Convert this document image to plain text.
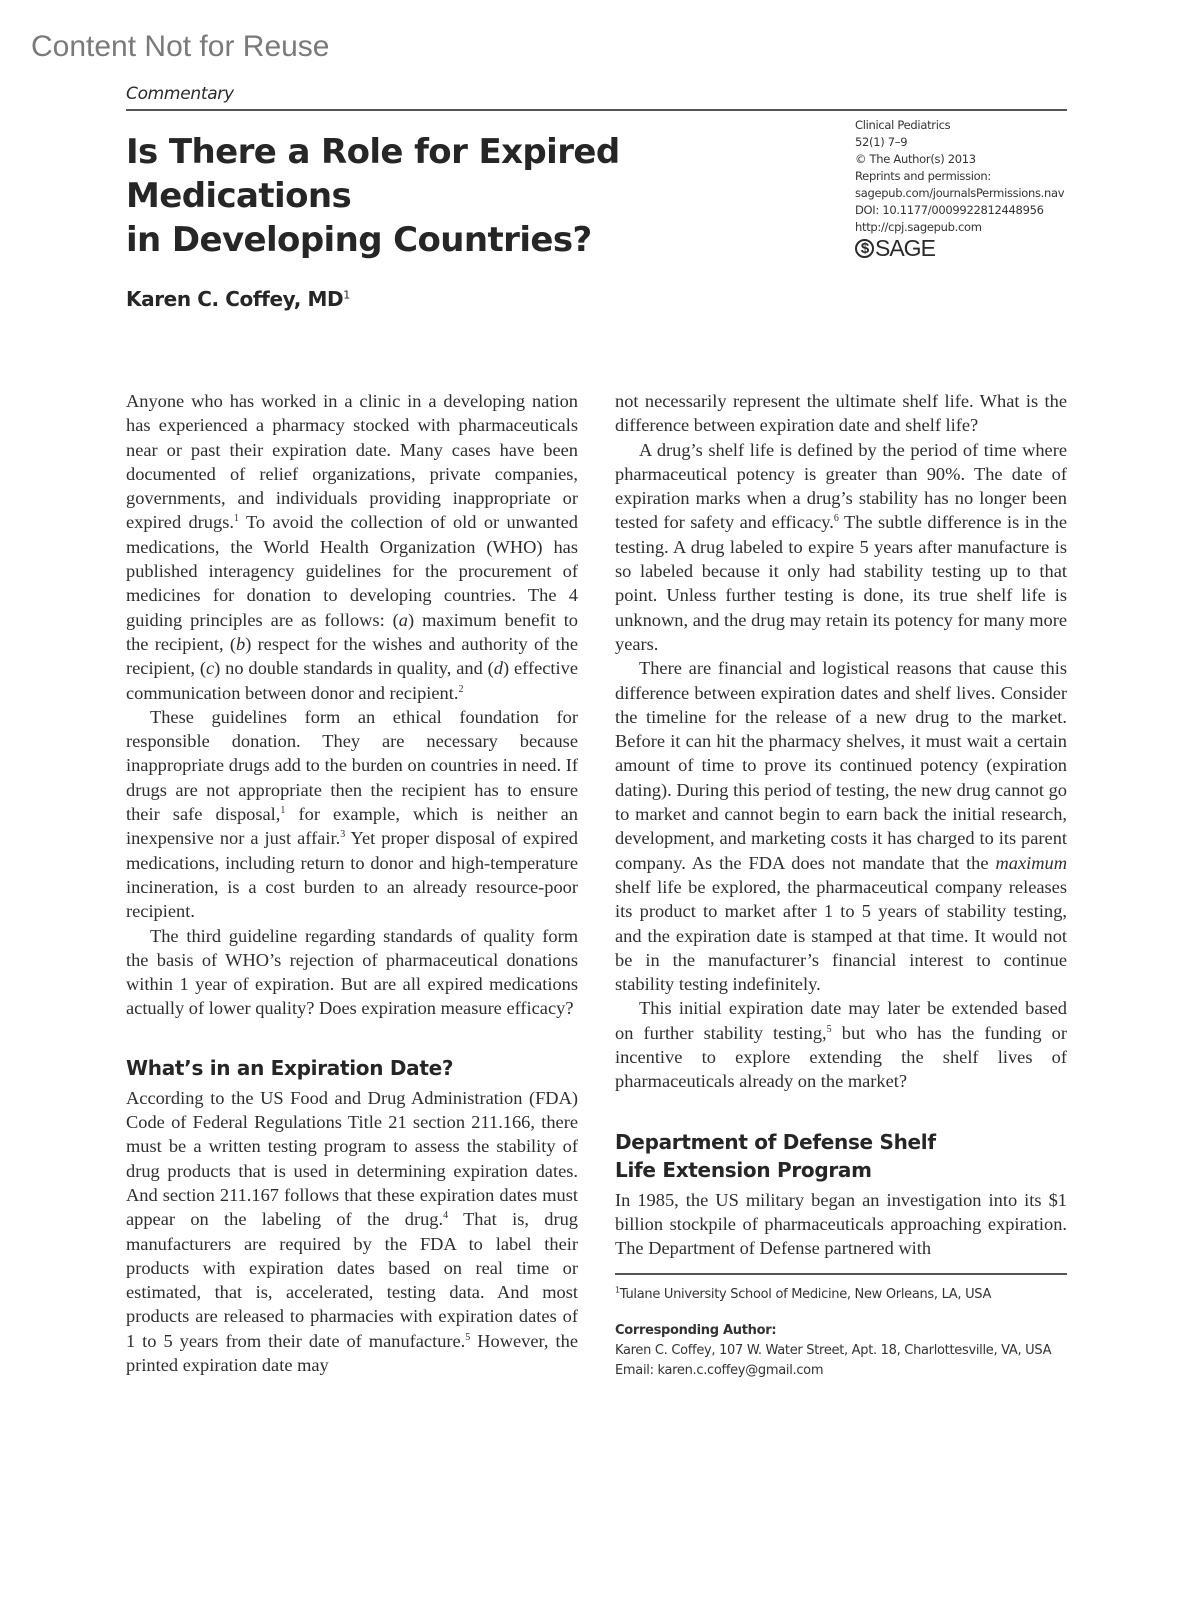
Content Not for Reuse
Commentary
Is There a Role for Expired Medications
in Developing Countries?
Clinical Pediatrics
52(1) 7–9
© The Author(s) 2013
Reprints and permission:
sagepub.com/journalsPermissions.nav
DOI: 10.1177/0009922812448956
http://cpj.sagepub.com
$ SAGE
Karen C. Coffey, $MD^1$

Anyone who has worked in a clinic in a developing nation has experienced a pharmacy stocked with pharmaceuticals near or past their expiration date. Many cases have been documented of relief organizations, private companies, governments, and individuals providing inappropriate or expired drugs.$^1$ To avoid the collection of old or unwanted medications, the World Health Organization (WHO) has published interagency guidelines for the procurement of medicines for donation to developing countries. The 4 guiding principles are as follows: (a) maximum benefit to the recipient, (b) respect for the wishes and authority of the recipient, (c) no double standards in quality, and (d) effective communication between donor and recipient.$^2$

These guidelines form an ethical foundation for responsible donation. They are necessary because inappropriate drugs add to the burden on countries in need. If drugs are not appropriate then the recipient has to ensure their safe disposal,$^1$ for example, which is neither an inexpensive nor a just affair.$^3$ Yet proper disposal of expired medications, including return to donor and high-temperature incineration, is a cost burden to an already resource-poor recipient.

The third guideline regarding standards of quality form the basis of WHO’s rejection of pharmaceutical donations within 1 year of expiration. But are all expired medications actually of lower quality? Does expiration measure efficacy?

What’s in an Expiration Date?

According to the US Food and Drug Administration (FDA) Code of Federal Regulations Title 21 section 211.166, there must be a written testing program to assess the stability of drug products that is used in determining expiration dates. And section 211.167 follows that these expiration dates must appear on the labeling of the drug.$^4$ That is, drug manufacturers are required by the FDA to label their products with expiration dates based on real time or estimated, that is, accelerated, testing data. And most products are released to pharmacies with expiration dates of 1 to 5 years from their date of manufacture.$^5$ However, the printed expiration date may

not necessarily represent the ultimate shelf life. What is the difference between expiration date and shelf life?

A drug’s shelf life is defined by the period of time where pharmaceutical potency is greater than 90%. The date of expiration marks when a drug’s stability has no longer been tested for safety and efficacy.$^6$ The subtle difference is in the testing. A drug labeled to expire 5 years after manufacture is so labeled because it only had stability testing up to that point. Unless further testing is done, its true shelf life is unknown, and the drug may retain its potency for many more years.

There are financial and logistical reasons that cause this difference between expiration dates and shelf lives. Consider the timeline for the release of a new drug to the market. Before it can hit the pharmacy shelves, it must wait a certain amount of time to prove its continued potency (expiration dating). During this period of testing, the new drug cannot go to market and cannot begin to earn back the initial research, development, and marketing costs it has charged to its parent company. As the FDA does not mandate that the maximum shelf life be explored, the pharmaceutical company releases its product to market after 1 to 5 years of stability testing, and the expiration date is stamped at that time. It would not be in the manufacturer’s financial interest to continue stability testing indefinitely.

This initial expiration date may later be extended based on further stability testing,$^5$ but who has the funding or incentive to explore extending the shelf lives of pharmaceuticals already on the market?

Department of Defense Shelf
Life Extension Program

In 1985, the US military began an investigation into its $1 billion stockpile of pharmaceuticals approaching expiration. The Department of Defense partnered with

$^1$Tulane University School of Medicine, New Orleans, LA, USA
Corresponding Author:
Karen C. Coffey, 107 W. Water Street, Apt. 18, Charlottesville, VA, USA
Email: karen.c.coffey@gmail.com
